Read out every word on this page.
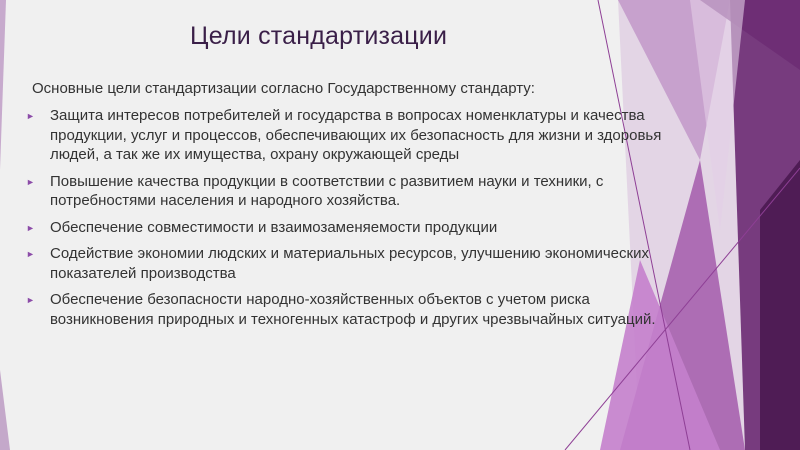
Цели стандартизации
Основные цели стандартизации согласно Государственному стандарту:
► Защита интересов потребителей и государства в вопросах номенклатуры и качества продукции, услуг и процессов, обеспечивающих их безопасность для жизни и здоровья людей, а так же их имущества, охрану окружающей среды
► Повышение качества продукции в соответствии с развитием науки и техники, с потребностями населения и народного хозяйства.
► Обеспечение совместимости и взаимозаменяемости продукции
► Содействие экономии людских и материальных ресурсов, улучшению экономических показателей производства
► Обеспечение безопасности народно-хозяйственных объектов с учетом риска возникновения природных и техногенных катастроф и других чрезвычайных ситуаций.
